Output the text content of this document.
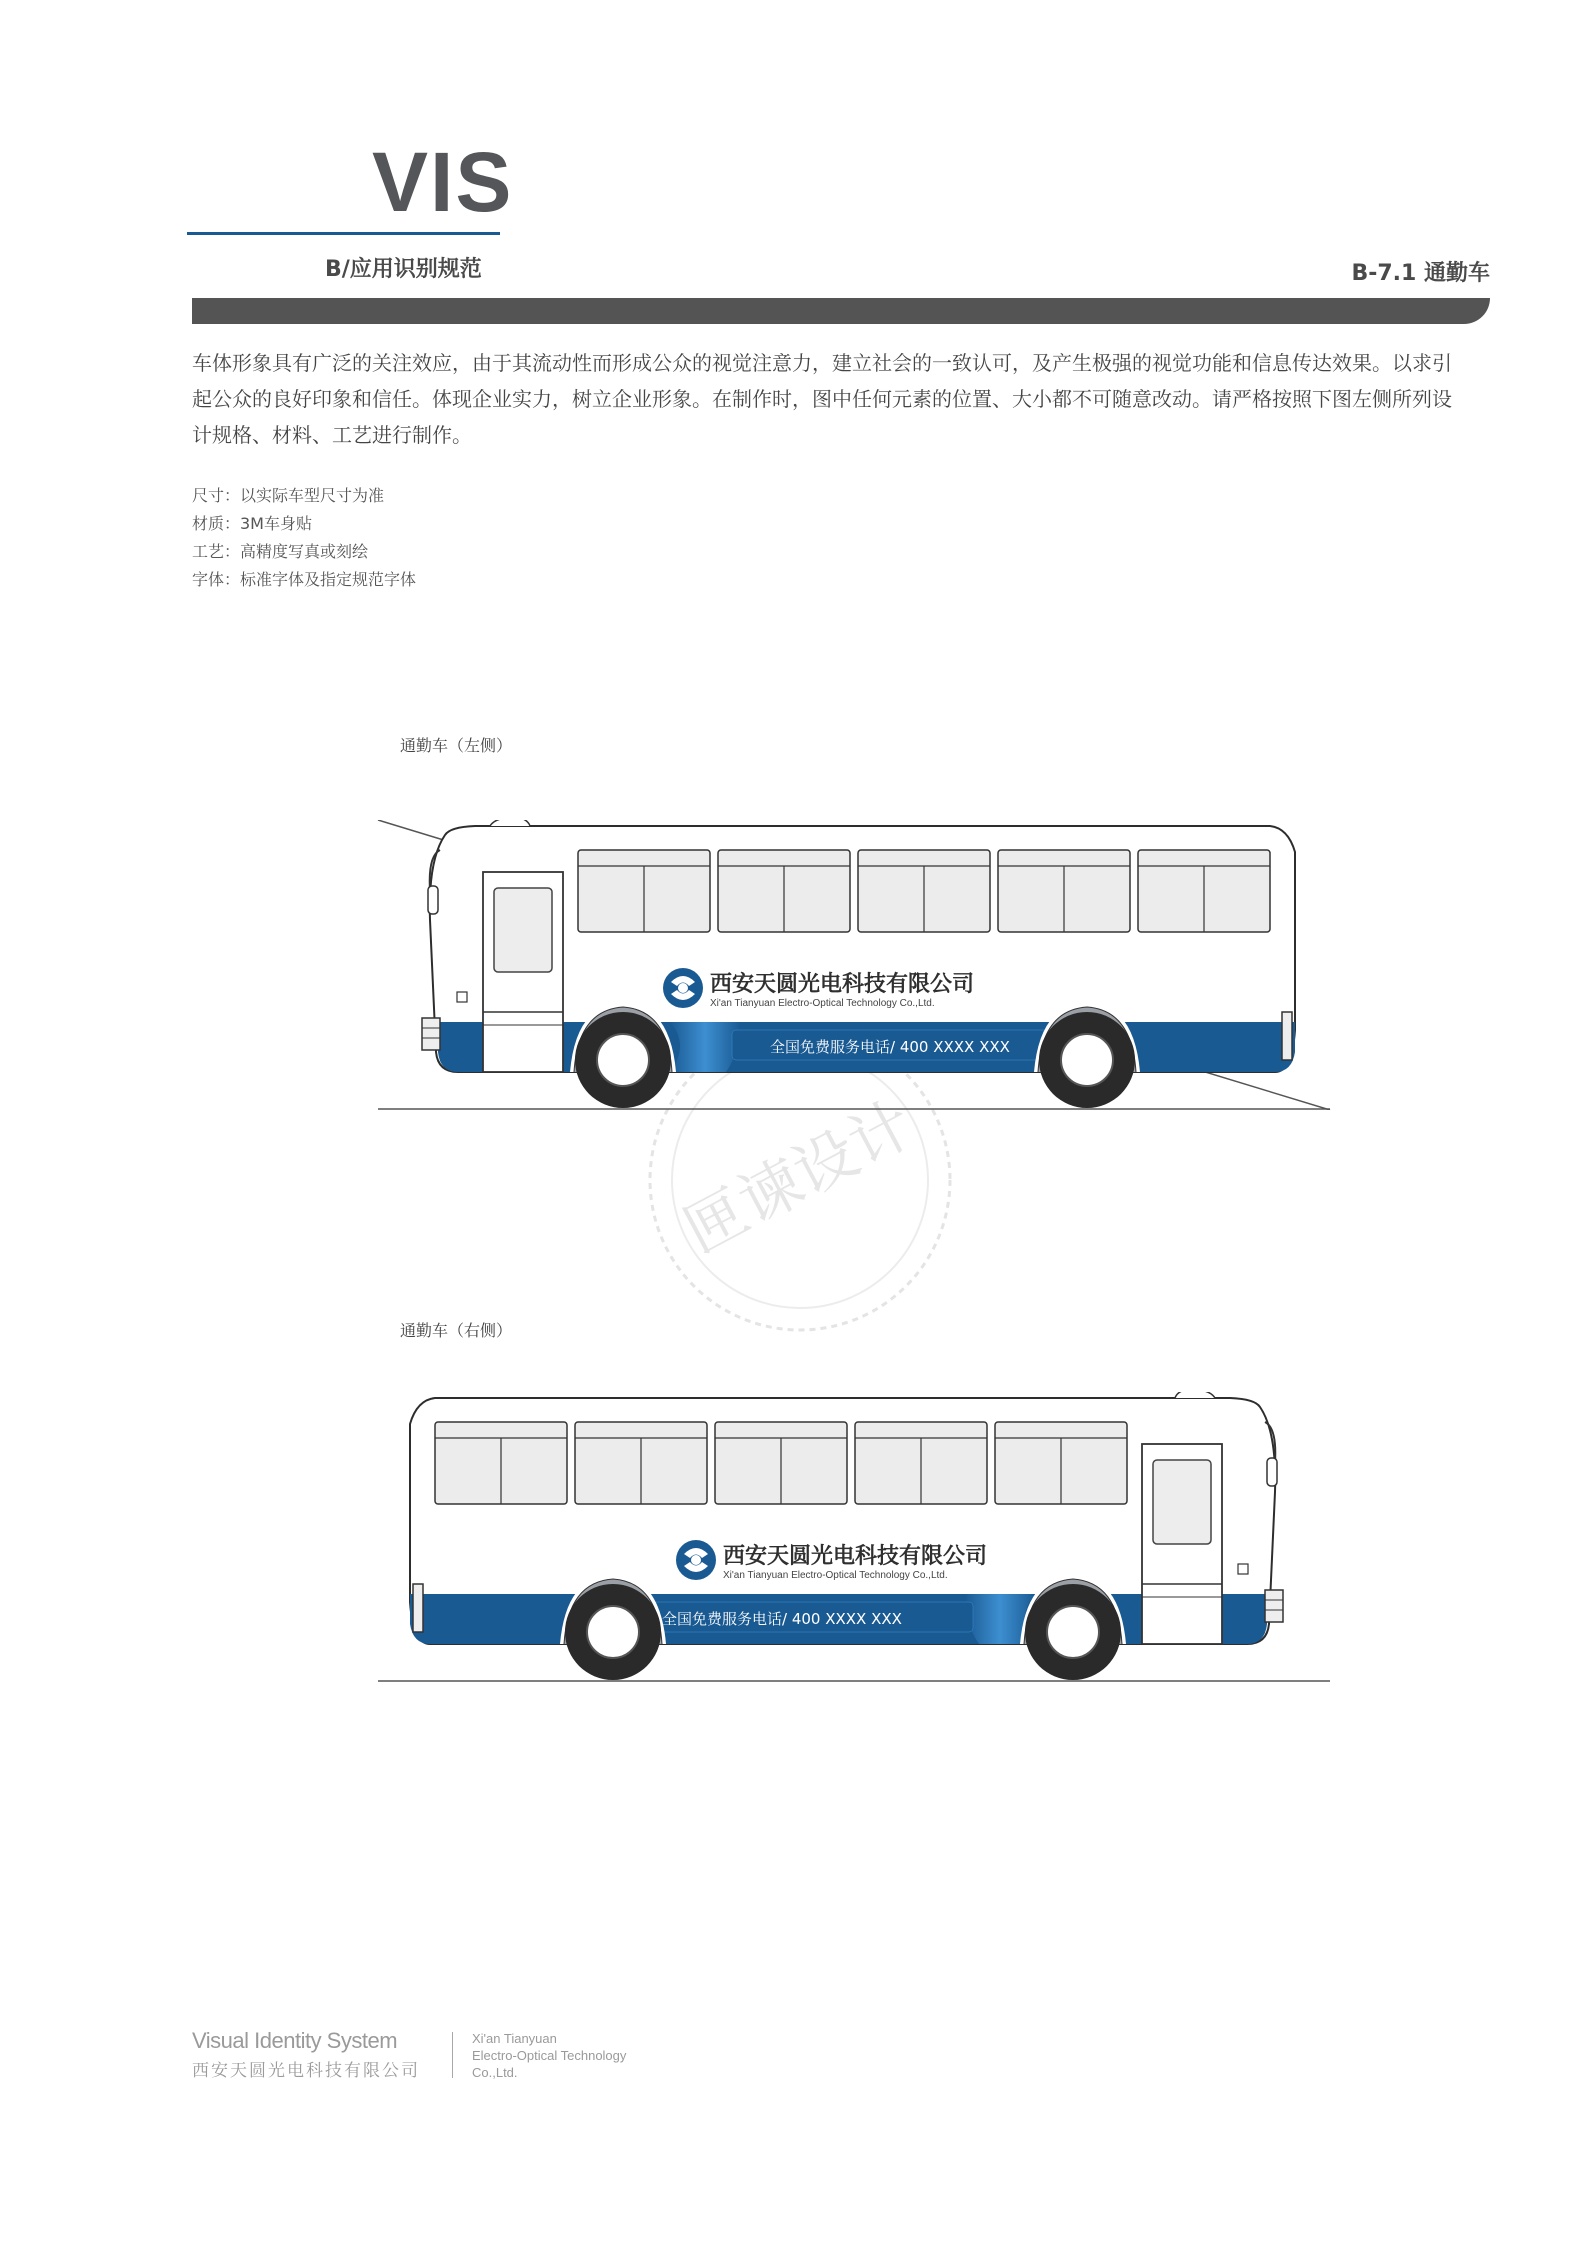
VIS
B/应用识别规范	B-7.1 通勤车
车体形象具有广泛的关注效应，由于其流动性而形成公众的视觉注意力，建立社会的一致认可，及产生极强的视觉功能和信息传达效果。以求引起公众的良好印象和信任。体现企业实力，树立企业形象。在制作时，图中任何元素的位置、大小都不可随意改动。请严格按照下图左侧所列设计规格、材料、工艺进行制作。
尺寸：以实际车型尺寸为准
材质：3M车身贴
工艺：高精度写真或刻绘
字体：标准字体及指定规范字体
通勤车（左侧）
通勤车（右侧）
匣谏设计
全国免费服务电话/ 400 XXXX XXX
西安天圆光电科技有限公司
Xi'an Tianyuan Electro-Optical Technology Co.,Ltd.
全国免费服务电话/ 400 XXXX XXX
西安天圆光电科技有限公司
Xi'an Tianyuan Electro-Optical Technology Co.,Ltd.
Visual Identity System
西安天圆光电科技有限公司
Xi'an Tianyuan
Electro-Optical Technology
Co.,Ltd.
